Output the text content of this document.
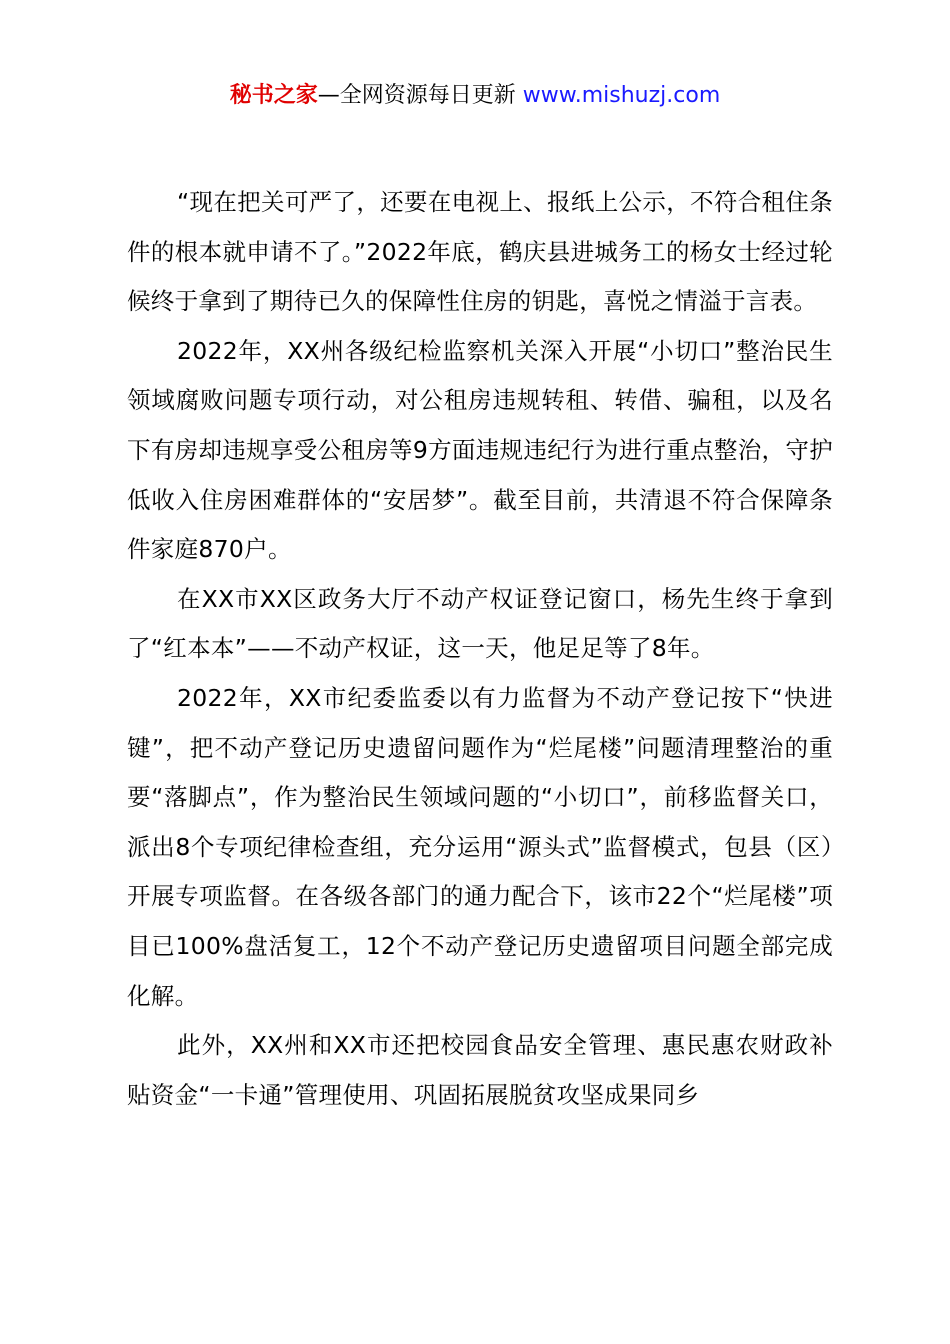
秘书之家—全网资源每日更新 www.mishuzj.com

“现在把关可严了，还要在电视上、报纸上公示，不符合租住条件的根本就申请不了。”2022年底，鹤庆县进城务工的杨女士经过轮候终于拿到了期待已久的保障性住房的钥匙，喜悦之情溢于言表。

2022年，XX州各级纪检监察机关深入开展“小切口”整治民生领域腐败问题专项行动，对公租房违规转租、转借、骗租，以及名下有房却违规享受公租房等9方面违规违纪行为进行重点整治，守护低收入住房困难群体的“安居梦”。截至目前，共清退不符合保障条件家庭870户。

在XX市XX区政务大厅不动产权证登记窗口，杨先生终于拿到了“红本本”——不动产权证，这一天，他足足等了8年。

2022年，XX市纪委监委以有力监督为不动产登记按下“快进键”，把不动产登记历史遗留问题作为“烂尾楼”问题清理整治的重要“落脚点”，作为整治民生领域问题的“小切口”，前移监督关口，派出8个专项纪律检查组，充分运用“源头式”监督模式，包县（区）开展专项监督。在各级各部门的通力配合下，该市22个“烂尾楼”项目已100%盘活复工，12个不动产登记历史遗留项目问题全部完成化解。

此外，XX州和XX市还把校园食品安全管理、惠民惠农财政补贴资金“一卡通”管理使用、巩固拓展脱贫攻坚成果同乡
